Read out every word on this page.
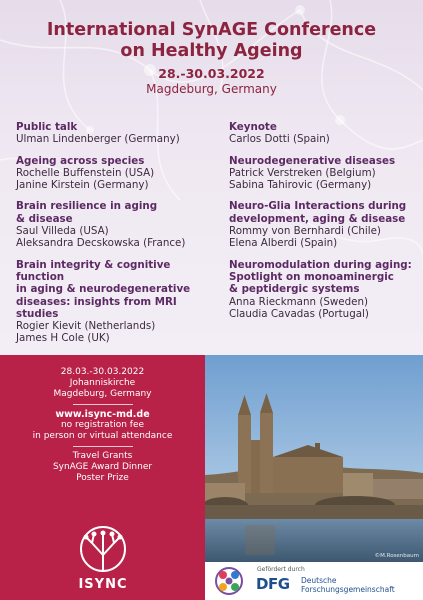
International SynAGE Conference
on Healthy Ageing

28.-30.03.2022

Magdeburg, Germany

Public talk
Ulman Lindenberger (Germany)
Ageing across species
Rochelle Buffenstein (USA)
Janine Kirstein (Germany)
Brain resilience in aging
& disease
Saul Villeda (USA)
Aleksandra Decskowska (France)
Brain integrity & cognitive function
in aging & neurodegenerative
diseases: insights from MRI studies
Rogier Kievit (Netherlands)
James H Cole (UK)
Keynote
Carlos Dotti (Spain)
Neurodegenerative diseases
Patrick Verstreken (Belgium)
Sabina Tahirovic (Germany)
Neuro-Glia Interactions during
development, aging & disease
Rommy von Bernhardi (Chile)
Elena Alberdi (Spain)
Neuromodulation during aging:
Spotlight on monoaminergic
& peptidergic systems
Anna Rieckmann (Sweden)
Claudia Cavadas (Portugal)
28.03.-30.03.2022
Johanniskirche
Magdeburg, Germany
www.isync-md.de
no registration fee
in person or virtual attendance
Travel Grants
SynAGE Award Dinner
Poster Prize
ISYNC
©M.Rosenbaum
Gefördert durch
DFG Deutsche
Forschungsgemeinschaft
